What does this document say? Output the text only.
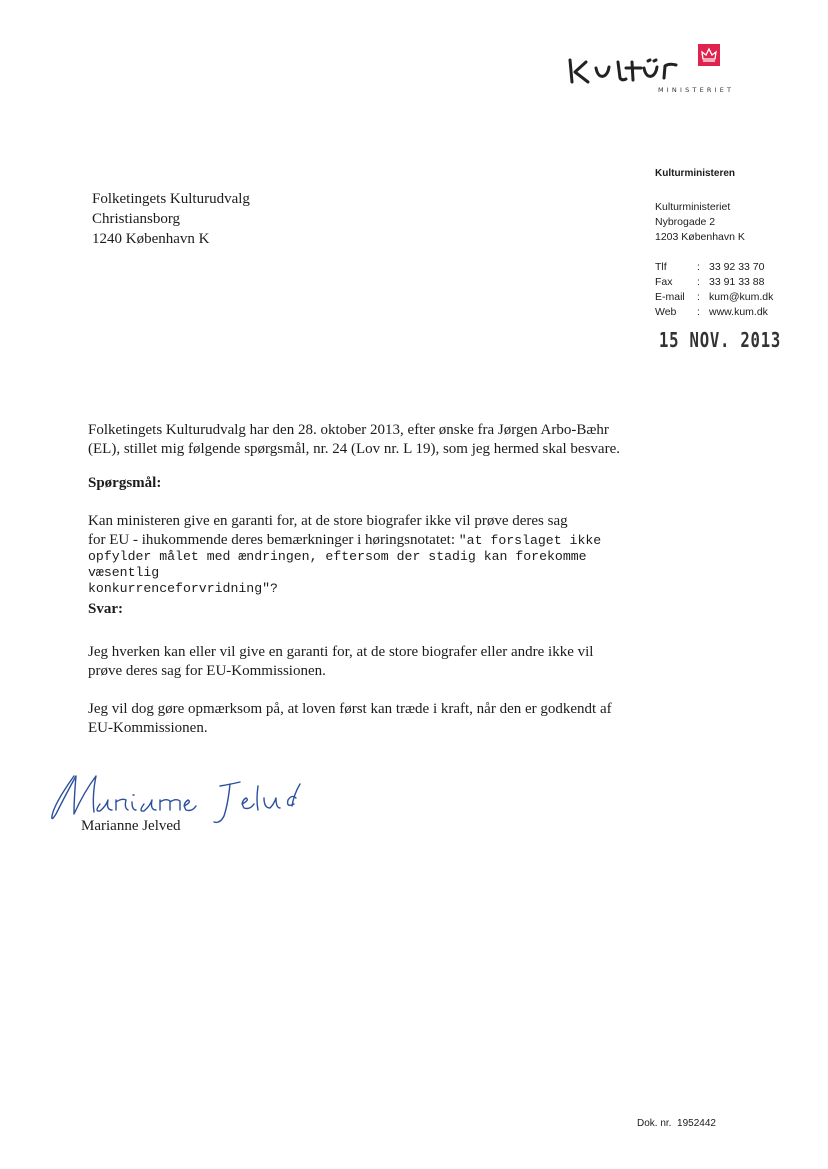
MINISTERIET
Kulturministeren
Kulturministeriet
Nybrogade 2
1203 København K
Tlf	: 33 92 33 70
Fax	: 33 91 33 88
E-mail	: kum@kum.dk
Web	: www.kum.dk
15 NOV. 2013
Folketingets Kulturudvalg
Christiansborg
1240 København K
Folketingets Kulturudvalg har den 28. oktober 2013, efter ønske fra Jørgen Arbo-Bæhr
(EL), stillet mig følgende spørgsmål, nr. 24 (Lov nr. L 19), som jeg hermed skal besvare.
Spørgsmål:
Kan ministeren give en garanti for, at de store biografer ikke vil prøve deres sag
for EU - ihukommende deres bemærkninger i høringsnotatet: "at forslaget ikke
opfylder målet med ændringen, eftersom der stadig kan forekomme væsentlig
konkurrenceforvridning"?
Svar:
Jeg hverken kan eller vil give en garanti for, at de store biografer eller andre ikke vil
prøve deres sag for EU-Kommissionen.
Jeg vil dog gøre opmærksom på, at loven først kan træde i kraft, når den er godkendt af
EU-Kommissionen.
Marianne Jelved
Dok. nr. 1952442
